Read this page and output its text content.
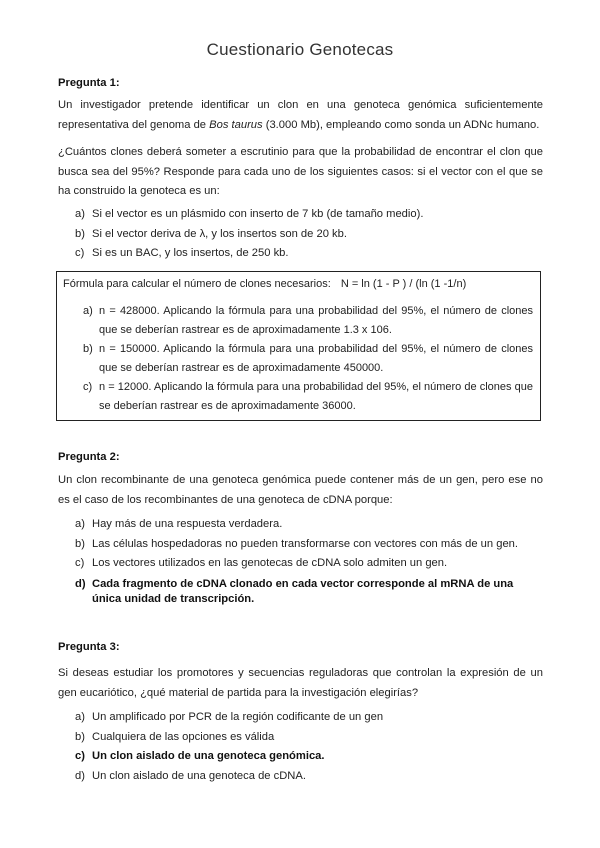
Cuestionario Genotecas
Pregunta 1:
Un investigador pretende identificar un clon en una genoteca genómica suficientemente representativa del genoma de Bos taurus (3.000 Mb), empleando como sonda un ADNc humano.
¿Cuántos clones deberá someter a escrutinio para que la probabilidad de encontrar el clon que busca sea del 95%? Responde para cada uno de los siguientes casos: si el vector con el que se ha construido la genoteca es un:
a) Si el vector es un plásmido con inserto de 7 kb (de tamaño medio).
b) Si el vector deriva de λ, y los insertos son de 20 kb.
c) Si es un BAC, y los insertos, de 250 kb.
Fórmula para calcular el número de clones necesarios: N = ln (1 - P ) / (ln (1 -1/n)
a) n = 428000. Aplicando la fórmula para una probabilidad del 95%, el número de clones que se deberían rastrear es de aproximadamente 1.3 x 106.
b) n = 150000. Aplicando la fórmula para una probabilidad del 95%, el número de clones que se deberían rastrear es de aproximadamente 450000.
c) n = 12000. Aplicando la fórmula para una probabilidad del 95%, el número de clones que se deberían rastrear es de aproximadamente 36000.
Pregunta 2:
Un clon recombinante de una genoteca genómica puede contener más de un gen, pero ese no es el caso de los recombinantes de una genoteca de cDNA porque:
a) Hay más de una respuesta verdadera.
b) Las células hospedadoras no pueden transformarse con vectores con más de un gen.
c) Los vectores utilizados en las genotecas de cDNA solo admiten un gen.
d) Cada fragmento de cDNA clonado en cada vector corresponde al mRNA de una única unidad de transcripción.
Pregunta 3:
Si deseas estudiar los promotores y secuencias reguladoras que controlan la expresión de un gen eucariótico, ¿qué material de partida para la investigación elegirías?
a) Un amplificado por PCR de la región codificante de un gen
b) Cualquiera de las opciones es válida
c) Un clon aislado de una genoteca genómica.
d) Un clon aislado de una genoteca de cDNA.
